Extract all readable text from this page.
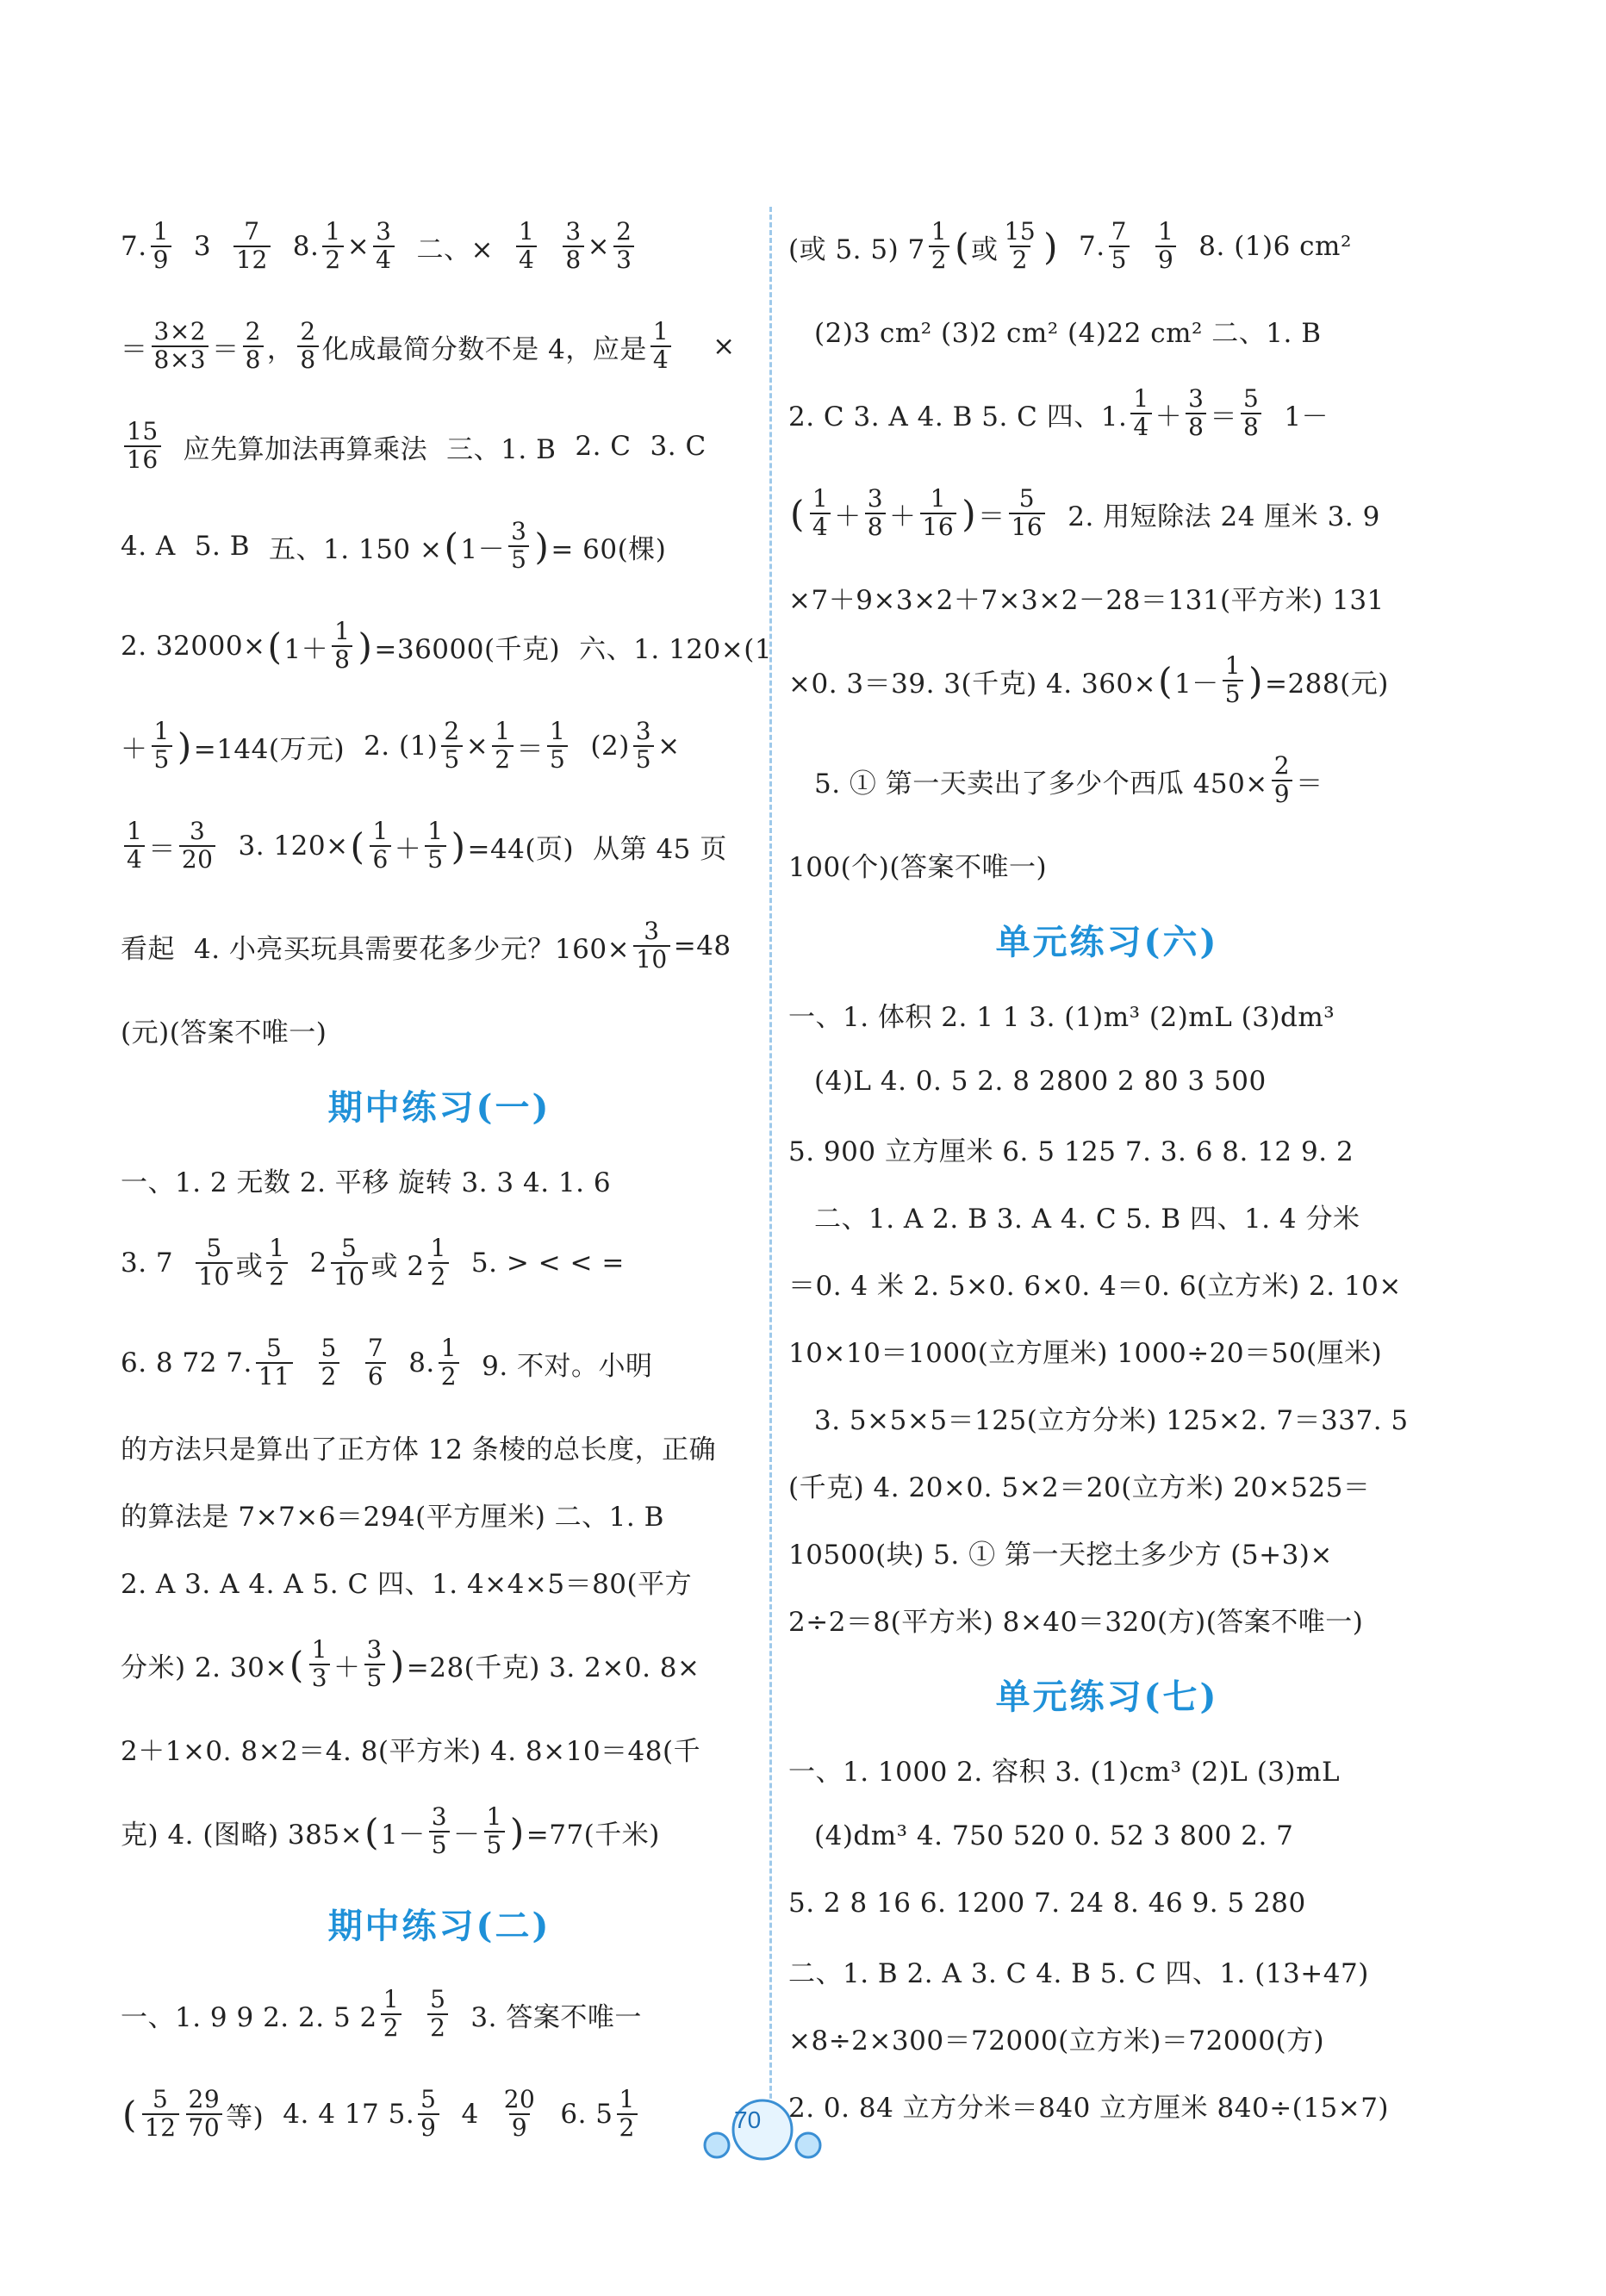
7. 1
9 3 7
12 8. 1
2 × 3
4 二、×
1
4
3
8 × 2
3
＝
3×2
8×3 ＝
2
8 ，
2
8 化成最简分数不是 4，应是
1
4 ×
15
16 应先算加法再算乘法 三、1. B 2. C 3. C
4. A 5. B 五、1. 150 × ( 1－
3
5 ) = 60(棵)
2. 32000× ( 1＋
1
8 ) =36000(千克) 六、1. 120×(1
＋
1
5 ) =144(万元) 2. (1) 2
5 × 1
2 ＝
1
5 (2) 3
5 ×
1
4 ＝
3
20 3. 120× ( 1
6 ＋
1
5 ) =44(页) 从第 45 页
看起 4. 小亮买玩具需要花多少元？$160\times \frac{3}{10} =48$
(元)(答案不唯一)
期中练习(一)
一、1. 2 无数 2. 平移 旋转 3. 3 4. 1. 6
3. 7 5
10 或
1
2 2 5
10 或 2
1
2 5. > < < =
6. 8 72 7. 5
11
5
2
7
6 8. 1
2 9. 不对。小明
的方法只是算出了正方体 12 条棱的总长度，正确
的算法是 7×7×6＝294(平方厘米) 二、1. B
2. A 3. A 4. A 5. C 四、1. 4×4×5＝80(平方
分米) 2. 30× ( 1
3 ＋
3
5 ) =28(千克) 3. 2×0. 8×
2＋1×0. 8×2＝4. 8(平方米) 4. 8×10＝48(千
克) 4. (图略) 385× ( 1－
3
5 －
1
5 ) =77(千米)
期中练习(二)
一、1. 9 9 2. 2. 5 2
1
2
5
2 3. 答案不唯一
( 5
12
29
70 等) 4. 4 17 5. 5
9 4 20
9 6. 5 1
2
(或 5. 5) 7
1
2 ( 或
15
2 ) 7. 7
5
1
9 8. (1)6 cm²
(2)3 cm² (3)2 cm² (4)22 cm² 二、1. B
2. C 3. A 4. B 5. C 四、1.
1
4 ＋
3
8 ＝
5
8 1－
( 1
4 ＋
3
8 ＋
1
16 ) ＝
5
16 2. 用短除法 24 厘米 3. 9
×7＋9×3×2＋7×3×2－28＝131(平方米) 131
×0. 3＝39. 3(千克) 4. 360× ( 1－
1
5 ) =288(元)
5. ① 第一天卖出了多少个西瓜 $450\times \frac{2}{9}$ ＝
100(个)(答案不唯一)
单元练习(六)
一、1. 体积 2. 1 1 3. (1)m³ (2)mL (3)dm³
(4)L 4. 0. 5 2. 8 2800 2 80 3 500
5. 900 立方厘米 6. 5 125 7. 3. 6 8. 12 9. 2
二、1. A 2. B 3. A 4. C 5. B 四、1. 4 分米
＝0. 4 米 2. 5×0. 6×0. 4＝0. 6(立方米) 2. 10×
10×10＝1000(立方厘米) 1000÷20＝50(厘米)
3. 5×5×5＝125(立方分米) 125×2. 7＝337. 5
(千克) 4. 20×0. 5×2＝20(立方米) 20×525＝
10500(块) 5. ① 第一天挖土多少方 (5+3)×
2÷2＝8(平方米) 8×40＝320(方)(答案不唯一)
单元练习(七)
一、1. 1000 2. 容积 3. (1)cm³ (2)L (3)mL
(4)dm³ 4. 750 520 0. 52 3 800 2. 7
5. 2 8 16 6. 1200 7. 24 8. 46 9. 5 280
二、1. B 2. A 3. C 4. B 5. C 四、1. (13+47)
×8÷2×300＝72000(立方米)＝72000(方)
2. 0. 84 立方分米＝840 立方厘米 840÷(15×7)
70
